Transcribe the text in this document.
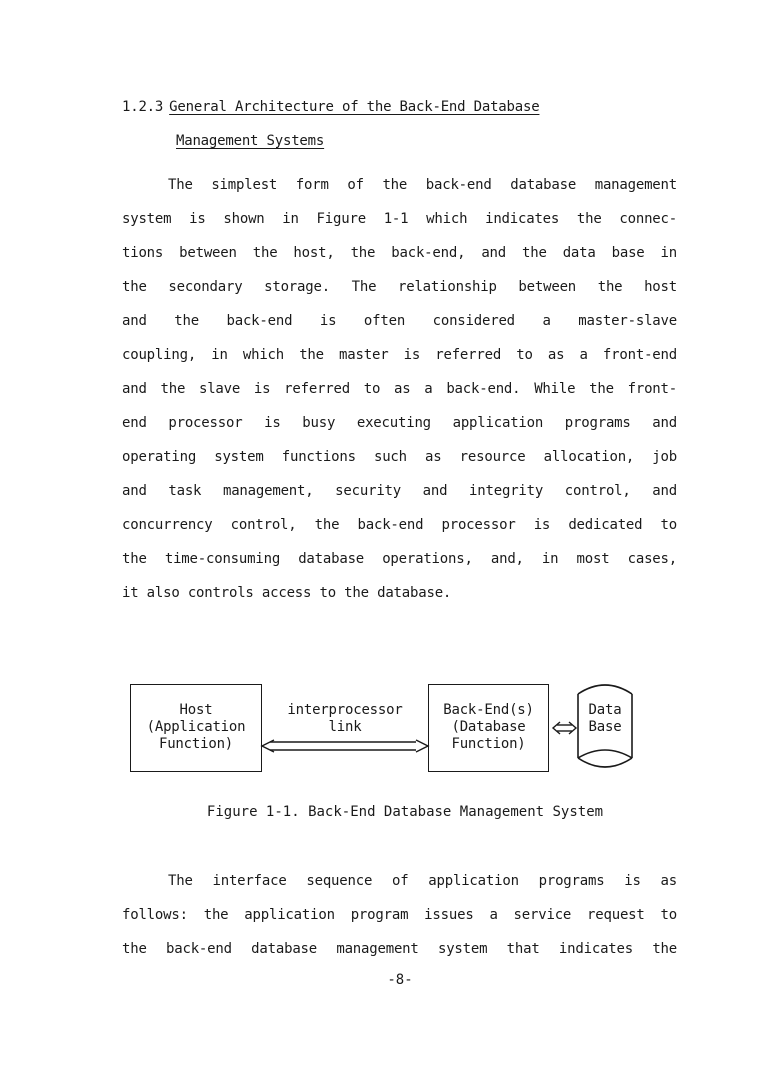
1.2.3 General Architecture of the Back-End Database
Management Systems
The simplest form of the back-end database management
system is shown in Figure 1-1 which indicates the connec-
tions between the host, the back-end, and the data base in
the secondary storage. The relationship between the host
and the back-end is often considered a master-slave
coupling, in which the master is referred to as a front-end
and the slave is referred to as a back-end. While the front-
end processor is busy executing application programs and
operating system functions such as resource allocation, job
and task management, security and integrity control, and
concurrency control, the back-end processor is dedicated to
the time-consuming database operations, and, in most cases,
it also controls access to the database.
Host
(Application
Function)
interprocessor
link
Back-End(s)
(Database
Function)
Data
Base
Figure 1-1. Back-End Database Management System
The interface sequence of application programs is as
follows: the application program issues a service request to
the back-end database management system that indicates the
-8-
